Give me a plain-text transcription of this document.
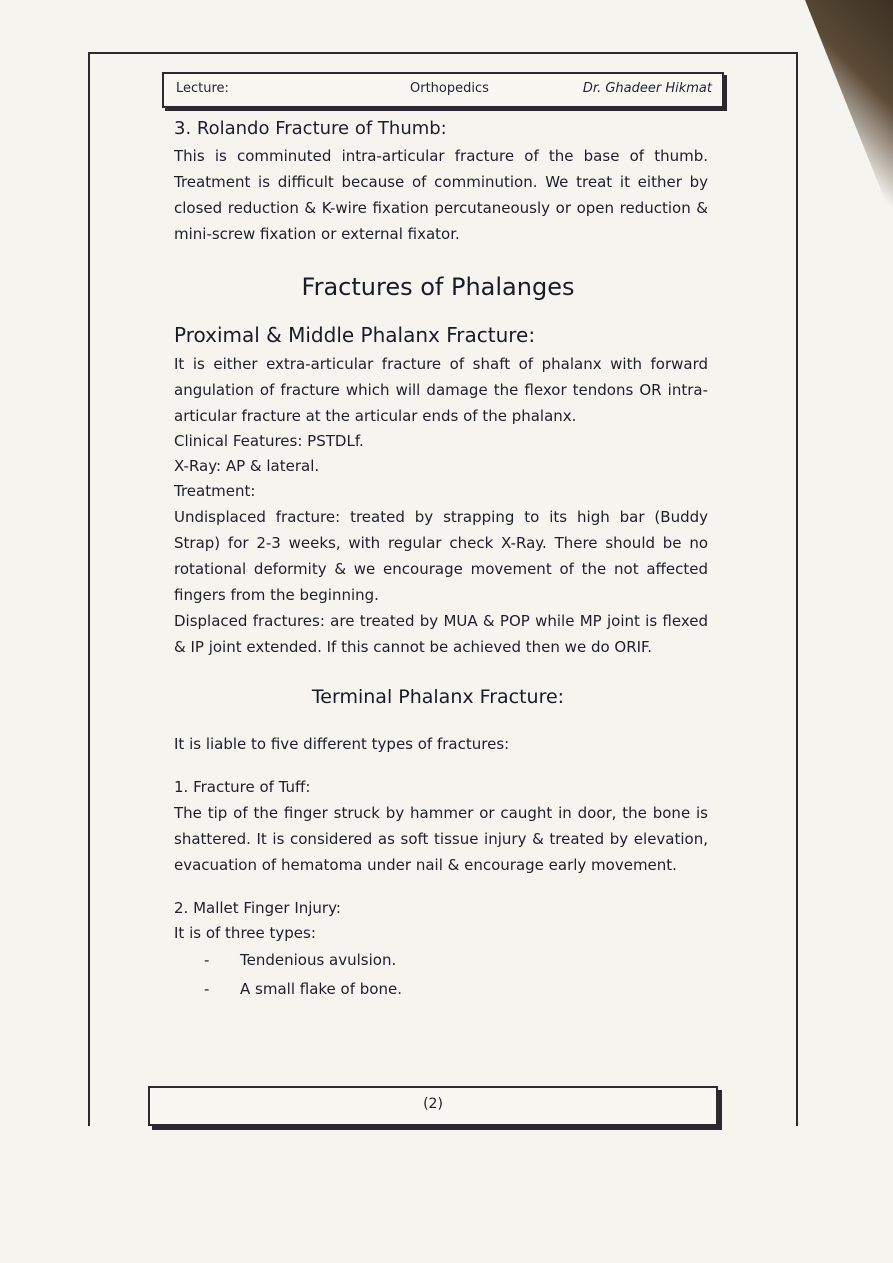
Lecture:	Orthopedics	Dr. Ghadeer Hikmat
3. Rolando Fracture of Thumb:

This is comminuted intra-articular fracture of the base of thumb. Treatment is difficult because of comminution. We treat it either by closed reduction & K-wire fixation percutaneously or open reduction & mini-screw fixation or external fixator.

Fractures of Phalanges
Proximal & Middle Phalanx Fracture:

It is either extra-articular fracture of shaft of phalanx with forward angulation of fracture which will damage the flexor tendons OR intra-articular fracture at the articular ends of the phalanx.

Clinical Features: PSTDLf.
X-Ray: AP & lateral.
Treatment:

Undisplaced fracture: treated by strapping to its high bar (Buddy Strap) for 2-3 weeks, with regular check X-Ray. There should be no rotational deformity & we encourage movement of the not affected fingers from the beginning.

Displaced fractures: are treated by MUA & POP while MP joint is flexed & IP joint extended. If this cannot be achieved then we do ORIF.

Terminal Phalanx Fracture:
It is liable to five different types of fractures:
1. Fracture of Tuff:

The tip of the finger struck by hammer or caught in door, the bone is shattered. It is considered as soft tissue injury & treated by elevation, evacuation of hematoma under nail & encourage early movement.

2. Mallet Finger Injury:
It is of three types:
- Tendenious avulsion.
- A small flake of bone.
(2)
